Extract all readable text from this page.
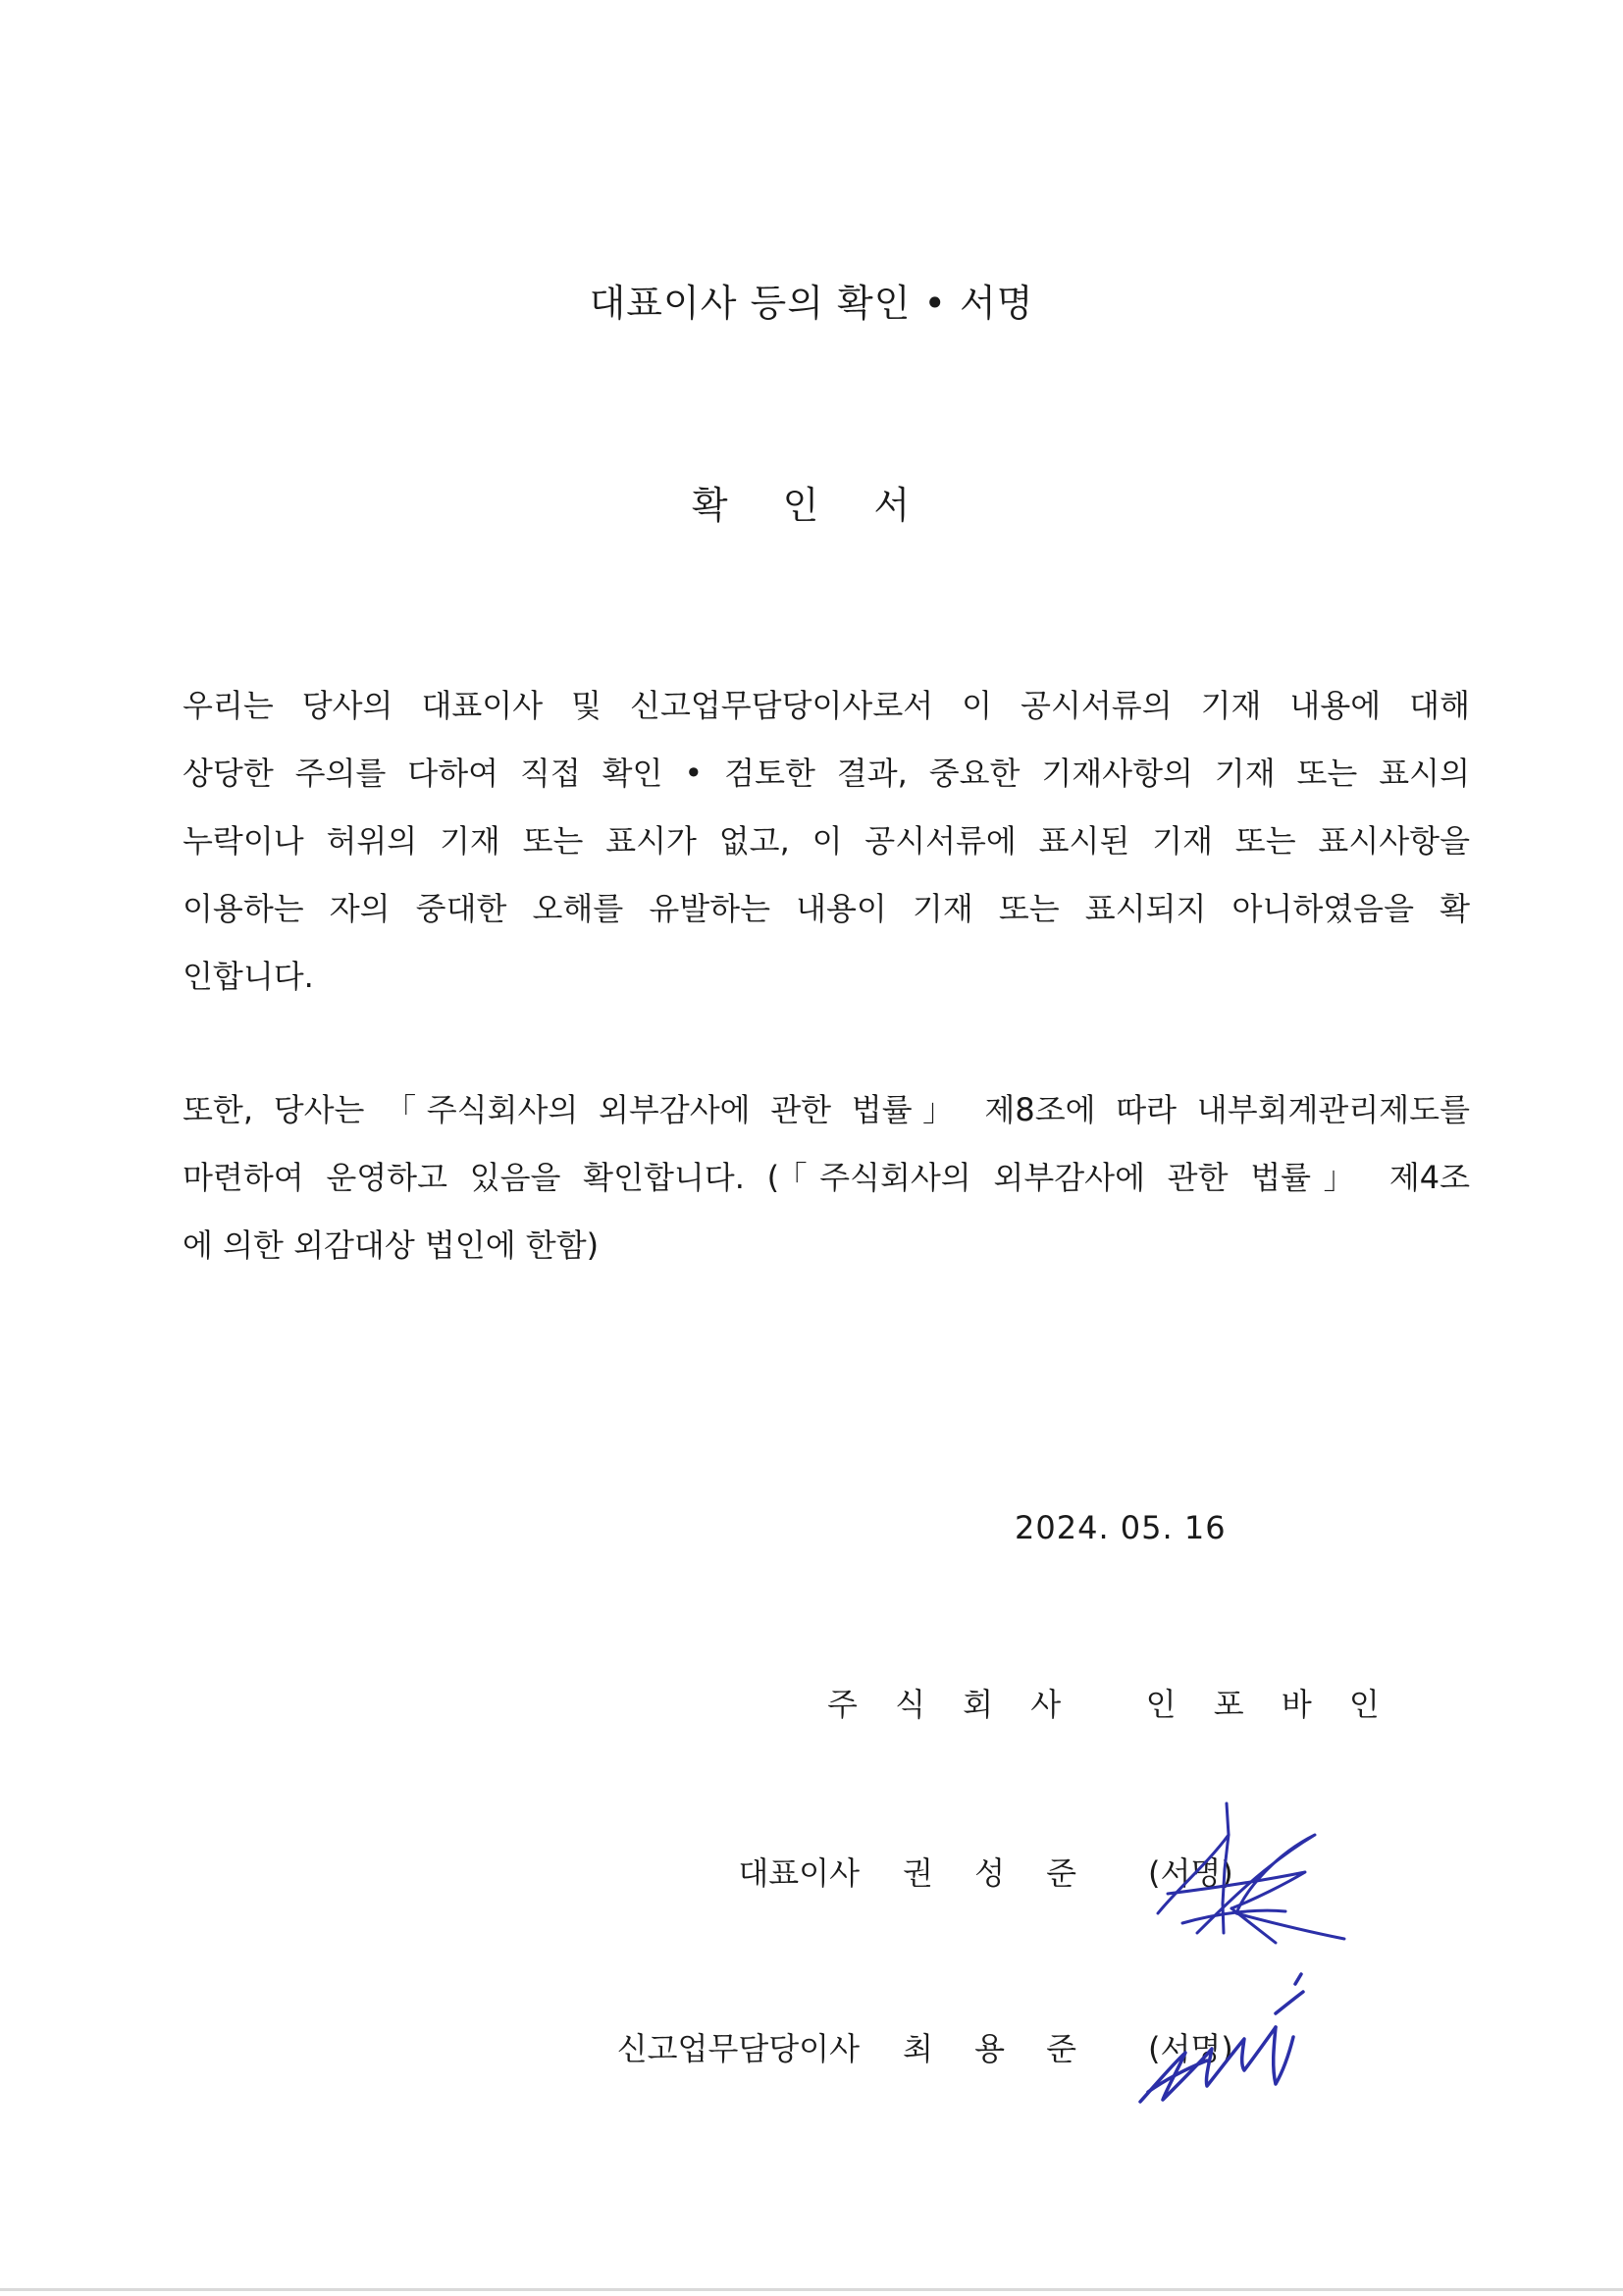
대표이사 등의 확인 • 서명
확 인 서
우리는 당사의 대표이사 및 신고업무담당이사로서 이 공시서류의 기재 내용에 대해
상당한 주의를 다하여 직접 확인 • 검토한 결과, 중요한 기재사항의 기재 또는 표시의
누락이나 허위의 기재 또는 표시가 없고, 이 공시서류에 표시된 기재 또는 표시사항을
이용하는 자의 중대한 오해를 유발하는 내용이 기재 또는 표시되지 아니하였음을 확
인합니다.
또한, 당사는 「주식회사의 외부감사에 관한 법률」 제8조에 따라 내부회계관리제도를
마련하여 운영하고 있음을 확인합니다. (「주식회사의 외부감사에 관한 법률」 제4조
에 의한 외감대상 법인에 한함)
2024. 05. 16
주 식 회 사   인 포 바 인
대표이사 권 성 준 (서명)
신고업무담당이사 최 용 준 (서명)
